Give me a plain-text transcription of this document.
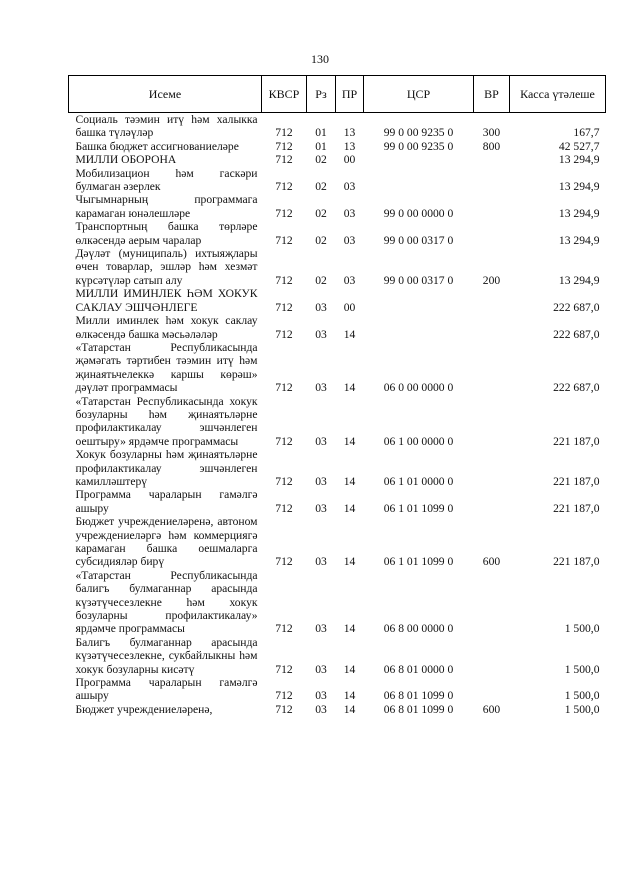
130
Исеме	КВСР	Рз	ПР	ЦСР	ВР	Касса үтәлеше
Социаль тәэмин итү һәм халыкка башка түләүләр	712	01	13	99 0 00 9235 0	300	167,7
Башка бюджет ассигнованиеләре	712	01	13	99 0 00 9235 0	800	42 527,7
МИЛЛИ ОБОРОНА	712	02	00			13 294,9
Мобилизацион һәм гаскәри булмаган әзерлек	712	02	03			13 294,9
Чыгымнарның программага карамаган юнәлешләре	712	02	03	99 0 00 0000 0		13 294,9
Транспортның башка төрләре өлкәсендә аерым чаралар	712	02	03	99 0 00 0317 0		13 294,9
Дәүләт (муниципаль) ихтыяҗлары өчен товарлар, эшләр һәм хезмәт күрсәтүләр сатып алу	712	02	03	99 0 00 0317 0	200	13 294,9
МИЛЛИ ИМИНЛЕК ҺӘМ ХОКУК САКЛАУ ЭШЧӘНЛЕГЕ	712	03	00			222 687,0
Милли иминлек һәм хокук саклау өлкәсендә башка мәсьәләләр	712	03	14			222 687,0
«Татарстан Республикасында җәмәгать тәртибен тәэмин итү һәм җинаятьчелеккә каршы көрәш» дәүләт программасы	712	03	14	06 0 00 0000 0		222 687,0
«Татарстан Республикасында хокук бозуларны һәм җинаятьләрне профилактикалау эшчәнлеген оештыру» ярдәмче программасы	712	03	14	06 1 00 0000 0		221 187,0
Хокук бозуларны һәм җинаятьләрне профилактикалау эшчәнлеген камилләштерү	712	03	14	06 1 01 0000 0		221 187,0
Программа чараларын гамәлгә ашыру	712	03	14	06 1 01 1099 0		221 187,0
Бюджет учреждениеләренә, автоном учреждениеләргә һәм коммерциягә карамаган башка оешмаларга субсидияләр бирү	712	03	14	06 1 01 1099 0	600	221 187,0
«Татарстан Республикасында балигъ булмаганнар арасында күзәтүчесезлекне һәм хокук бозуларны профилактикалау» ярдәмче программасы	712	03	14	06 8 00 0000 0		1 500,0
Балигъ булмаганнар арасында күзәтүчесезлекне, сукбайлыкны һәм хокук бозуларны кисәтү	712	03	14	06 8 01 0000 0		1 500,0
Программа чараларын гамәлгә ашыру	712	03	14	06 8 01 1099 0		1 500,0
Бюджет учреждениеләренә,	712	03	14	06 8 01 1099 0	600	1 500,0
